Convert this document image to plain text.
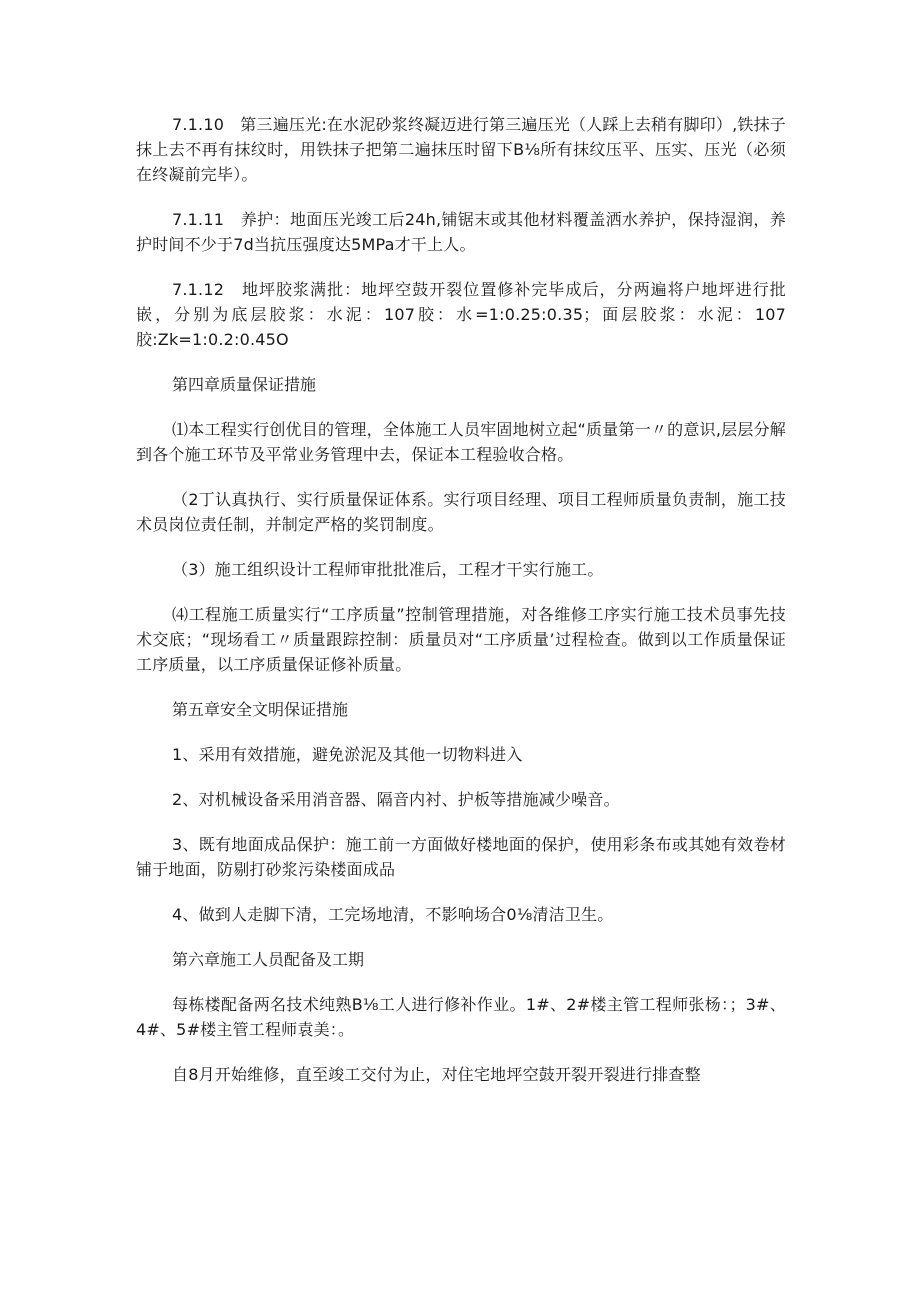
7.1.10　第三遍压光:在水泥砂浆终凝迈进行第三遍压光（人踩上去稍有脚印）,铁抹子抹上去不再有抹纹时，用铁抹子把第二遍抹压时留下B⅛所有抹纹压平、压实、压光（必须在终凝前完毕）。

7.1.11　养护：地面压光竣工后24h,铺锯末或其他材料覆盖洒水养护，保持湿润，养护时间不少于7d当抗压强度达5MPa才干上人。

7.1.12　地坪胶浆满批：地坪空鼓开裂位置修补完毕成后，分两遍将户地坪进行批嵌，分别为底层胶浆：水泥：107胶：水=1:0.25:0.35；面层胶浆：水泥：107胶:Zk=1:0.2:0.45O

第四章质量保证措施

⑴本工程实行创优目的管理，全体施工人员牢固地树立起“质量第一〃的意识,层层分解到各个施工环节及平常业务管理中去，保证本工程验收合格。

（2丁认真执行、实行质量保证体系。实行项目经理、项目工程师质量负责制，施工技术员岗位责任制，并制定严格的奖罚制度。

（3）施工组织设计工程师审批批准后，工程才干实行施工。

⑷工程施工质量实行“工序质量”控制管理措施，对各维修工序实行施工技术员事先技术交底；“现场看工〃质量跟踪控制：质量员对“工序质量’过程检查。做到以工作质量保证工序质量，以工序质量保证修补质量。

第五章安全文明保证措施

1、采用有效措施，避免淤泥及其他一切物料进入

2、对机械设备采用消音器、隔音内衬、护板等措施减少噪音。

3、既有地面成品保护：施工前一方面做好楼地面的保护，使用彩条布或其她有效卷材铺于地面，防剔打砂浆污染楼面成品

4、做到人走脚下清，工完场地清，不影响场合0⅛清洁卫生。

第六章施工人员配备及工期

每栋楼配备两名技术纯熟B⅛工人进行修补作业。1#、2#楼主管工程师张杨：；3#、4#、5#楼主管工程师袁美：。

自8月开始维修，直至竣工交付为止，对住宅地坪空鼓开裂开裂进行排查整
